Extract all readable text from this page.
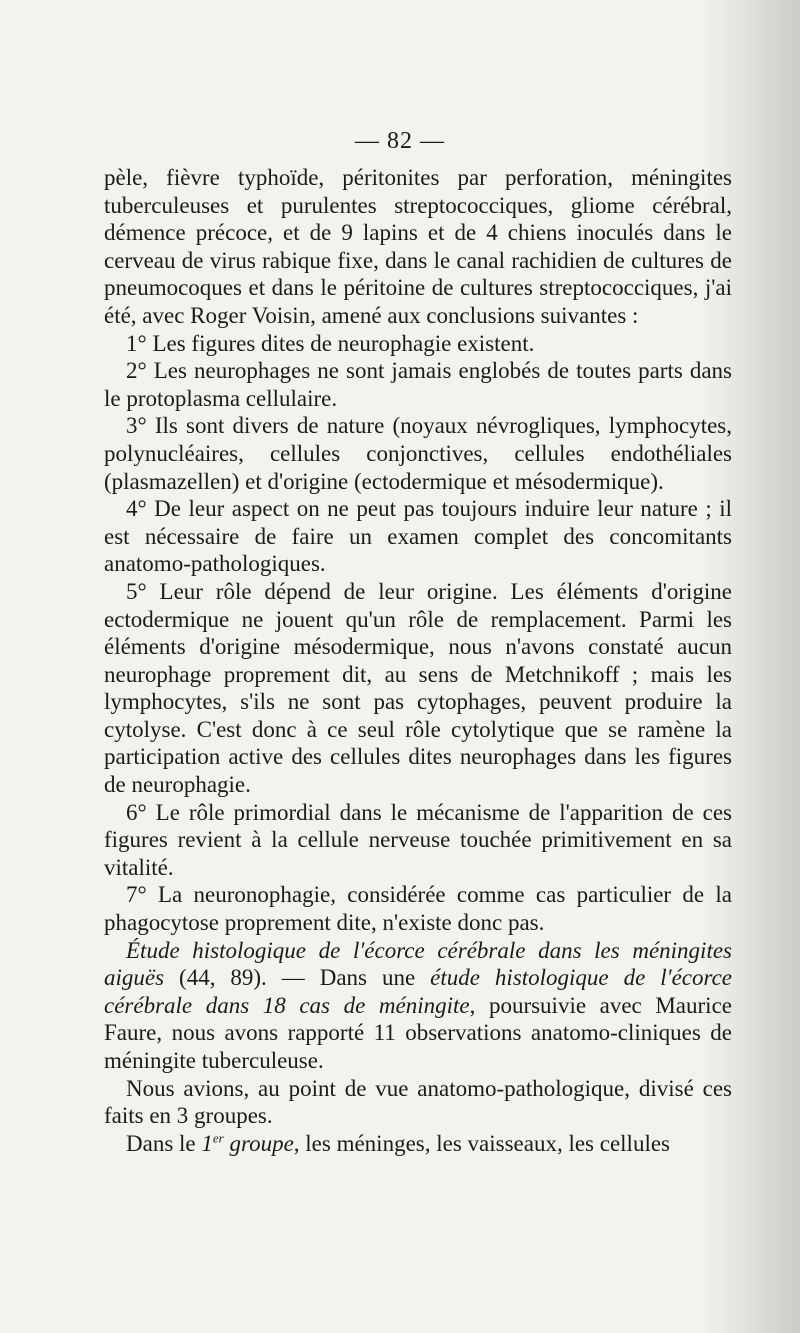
— 82 —

pèle, fièvre typhoïde, péritonites par perforation, méningites tuberculeuses et purulentes streptococciques, gliome cérébral, démence précoce, et de 9 lapins et de 4 chiens inoculés dans le cerveau de virus rabique fixe, dans le canal rachidien de cultures de pneumocoques et dans le péritoine de cultures streptococciques, j'ai été, avec Roger Voisin, amené aux conclusions suivantes :

1° Les figures dites de neurophagie existent.

2° Les neurophages ne sont jamais englobés de toutes parts dans le protoplasma cellulaire.

3° Ils sont divers de nature (noyaux névrogliques, lymphocytes, polynucléaires, cellules conjonctives, cellules endothéliales (plasmazellen) et d'origine (ectodermique et mésodermique).

4° De leur aspect on ne peut pas toujours induire leur nature ; il est nécessaire de faire un examen complet des concomitants anatomo-pathologiques.

5° Leur rôle dépend de leur origine. Les éléments d'origine ectodermique ne jouent qu'un rôle de remplacement. Parmi les éléments d'origine mésodermique, nous n'avons constaté aucun neurophage proprement dit, au sens de Metchnikoff ; mais les lymphocytes, s'ils ne sont pas cytophages, peuvent produire la cytolyse. C'est donc à ce seul rôle cytolytique que se ramène la participation active des cellules dites neurophages dans les figures de neurophagie.

6° Le rôle primordial dans le mécanisme de l'apparition de ces figures revient à la cellule nerveuse touchée primitivement en sa vitalité.

7° La neuronophagie, considérée comme cas particulier de la phagocytose proprement dite, n'existe donc pas.

Étude histologique de l'écorce cérébrale dans les méningites aiguës (44, 89). — Dans une étude histologique de l'écorce cérébrale dans 18 cas de méningite, poursuivie avec Maurice Faure, nous avons rapporté 11 observations anatomo-cliniques de méningite tuberculeuse.

Nous avions, au point de vue anatomo-pathologique, divisé ces faits en 3 groupes.

Dans le 1er groupe, les méninges, les vaisseaux, les cellules
